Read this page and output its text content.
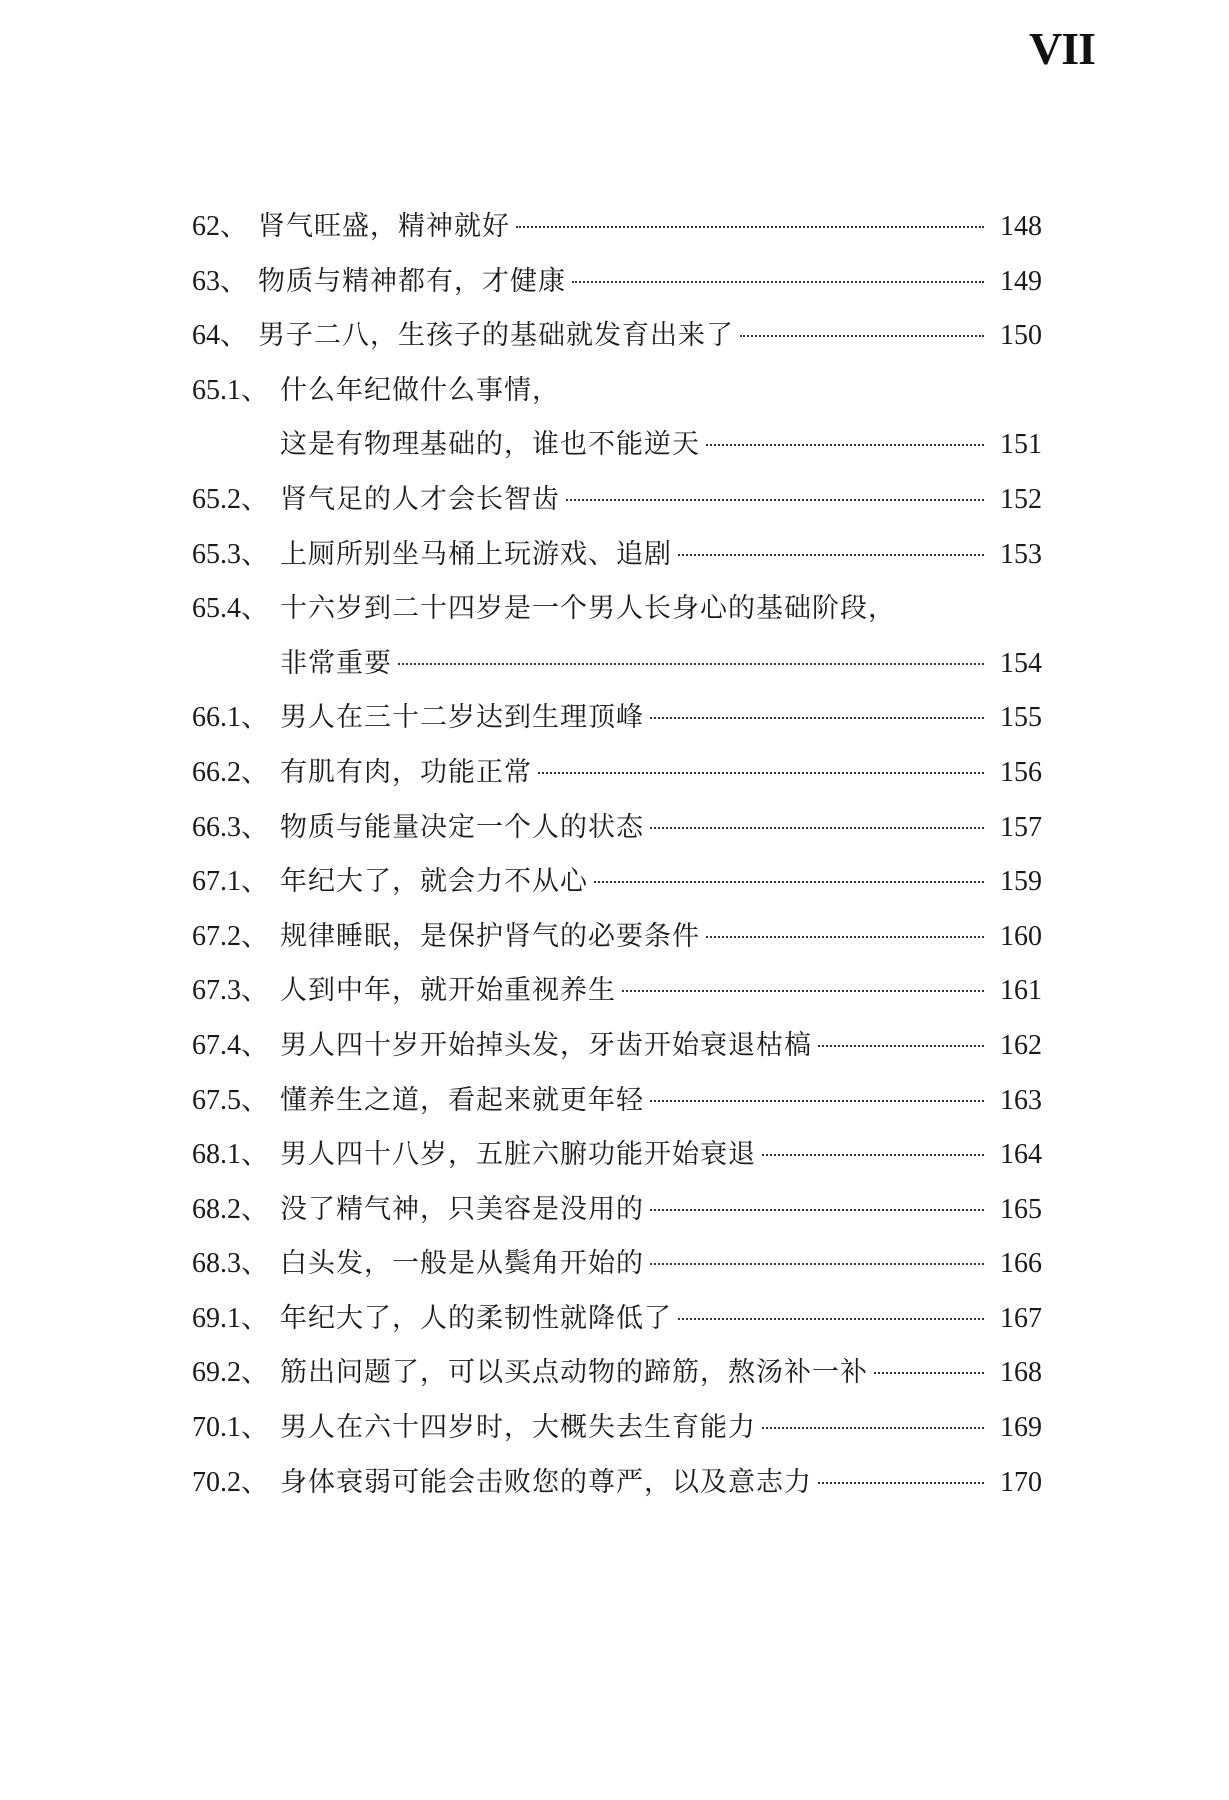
VII
62、 肾气旺盛，精神就好	148
63、 物质与精神都有，才健康	149
64、 男子二八，生孩子的基础就发育出来了	150
65.1、 什么年纪做什么事情，
这是有物理基础的，谁也不能逆天	151
65.2、 肾气足的人才会长智齿	152
65.3、 上厕所别坐马桶上玩游戏、追剧	153
65.4、 十六岁到二十四岁是一个男人长身心的基础阶段，
非常重要	154
66.1、 男人在三十二岁达到生理顶峰	155
66.2、 有肌有肉，功能正常	156
66.3、 物质与能量决定一个人的状态	157
67.1、 年纪大了，就会力不从心	159
67.2、 规律睡眠，是保护肾气的必要条件	160
67.3、 人到中年，就开始重视养生	161
67.4、 男人四十岁开始掉头发，牙齿开始衰退枯槁	162
67.5、 懂养生之道，看起来就更年轻	163
68.1、 男人四十八岁，五脏六腑功能开始衰退	164
68.2、 没了精气神，只美容是没用的	165
68.3、 白头发，一般是从鬓角开始的	166
69.1、 年纪大了，人的柔韧性就降低了	167
69.2、 筋出问题了，可以买点动物的蹄筋，熬汤补一补	168
70.1、 男人在六十四岁时，大概失去生育能力	169
70.2、 身体衰弱可能会击败您的尊严，以及意志力	170
